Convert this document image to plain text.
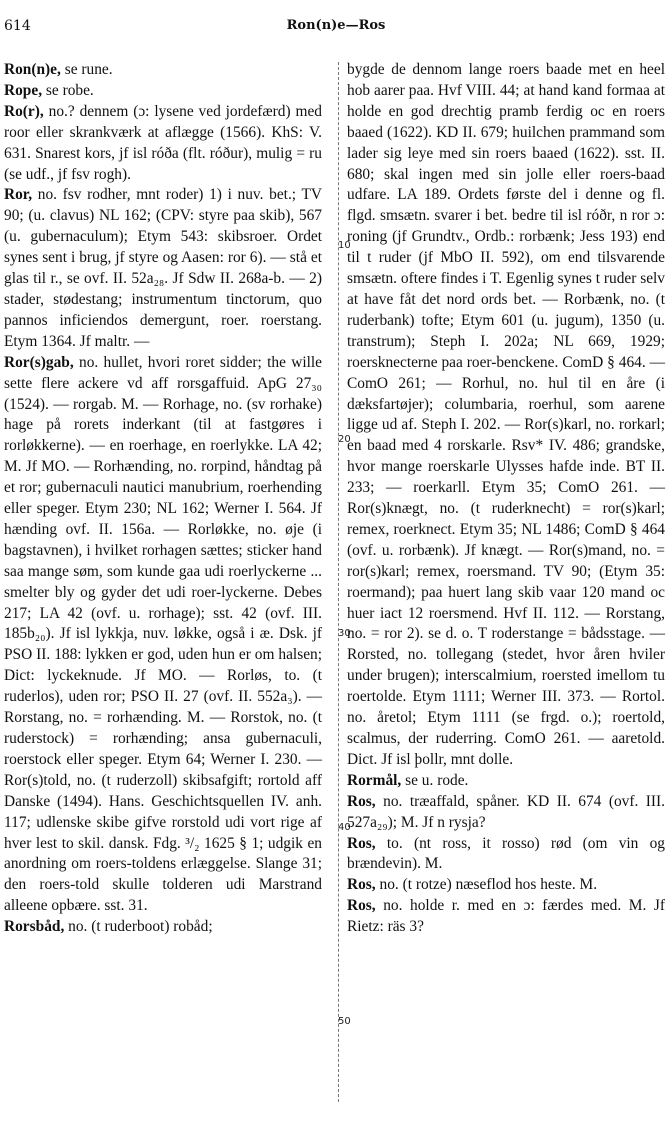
614	Ron(n)e—Ros
10
20
30
40
50

Ron(n)e, se rune.

Rope, se robe.

Ro(r), no.? dennem (ɔ: lysene ved jordefærd) med roor eller skrankværk at aflægge (1566). KhS: V. 631. Snarest kors, jf isl róða (flt. róður), mulig = ru (se udf., jf fsv rogh).

Ror, no. fsv rodher, mnt roder) 1) i nuv. bet.; TV 90; (u. clavus) NL 162; (CPV: styre paa skib), 567 (u. gubernaculum); Etym 543: skibsroer. Ordet synes sent i brug, jf styre og Aasen: ror 6). — stå et glas til r., se ovf. II. 52a₂₈. Jf Sdw II. 268a-b. — 2) stader, stødestang; instrumentum tinctorum, quo pannos inficiendos demergunt, roer. roerstang. Etym 1364. Jf maltr. —

Ror(s)gab, no. hullet, hvori roret sidder; the wille sette flere ackere vd aff rorsgaffuid. ApG 27₃₀ (1524). — rorgab. M. — Rorhage, no. (sv rorhake) hage på rorets inderkant (til at fastgøres i rorløkkerne). — en roerhage, en roerlykke. LA 42; M. Jf MO. — Rorhænding, no. rorpind, håndtag på et ror; gubernaculi nautici manubrium, roerhending eller speger. Etym 230; NL 162; Werner I. 564. Jf hænding ovf. II. 156a. — Rorløkke, no. øje (i bagstavnen), i hvilket rorhagen sættes; sticker hand saa mange søm, som kunde gaa udi roerlyckerne ... smelter bly og gyder det udi roer-lyckerne. Debes 217; LA 42 (ovf. u. rorhage); sst. 42 (ovf. III. 185b₂₀). Jf isl lykkja, nuv. løkke, også i æ. Dsk. jf PSO II. 188: lykken er god, uden hun er om halsen; Dict: lyckeknude. Jf MO. — Rorløs, to. (t ruderlos), uden ror; PSO II. 27 (ovf. II. 552a₃). — Rorstang, no. = rorhænding. M. — Rorstok, no. (t ruderstock) = rorhænding; ansa gubernaculi, roerstock eller speger. Etym 64; Werner I. 230. — Ror(s)told, no. (t ruderzoll) skibsafgift; rortold aff Danske (1494). Hans. Geschichtsquellen IV. anh. 117; udlenske skibe gifve rorstold udi vort rige af hver lest to skil. dansk. Fdg. ³/₂ 1625 § 1; udgik en anordning om roers-toldens erlæggelse. Slange 31; den roers-told skulle tolderen udi Marstrand alleene opbære. sst. 31.

Rorsbåd, no. (t ruderboot) robåd;

bygde de dennom lange roers baade met en heel hob aarer paa. Hvf VIII. 44; at hand kand formaa at holde en god drechtig pramb ferdig oc en roers baaed (1622). KD II. 679; huilchen prammand som lader sig leye med sin roers baaed (1622). sst. II. 680; skal ingen med sin jolle eller roers-baad udfare. LA 189. Ordets første del i denne og fl. flgd. smsætn. svarer i bet. bedre til isl róðr, n ror ɔ: roning (jf Grundtv., Ordb.: rorbænk; Jess 193) end til t ruder (jf MbO II. 592), om end tilsvarende smsætn. oftere findes i T. Egenlig synes t ruder selv at have fåt det nord ords bet. — Rorbænk, no. (t ruderbank) tofte; Etym 601 (u. jugum), 1350 (u. transtrum); Steph I. 202a; NL 669, 1929; roersknecterne paa roer-benckene. ComD § 464. — ComO 261; — Rorhul, no. hul til en åre (i dæksfartøjer); columbaria, roerhul, som aarene ligge ud af. Steph I. 202. — Ror(s)karl, no. rorkarl; en baad med 4 rorskarle. Rsv* IV. 486; grandske, hvor mange roerskarle Ulysses hafde inde. BT II. 233; — roerkarll. Etym 35; ComO 261. — Ror(s)knægt, no. (t ruderknecht) = ror(s)karl; remex, roerknect. Etym 35; NL 1486; ComD § 464 (ovf. u. rorbænk). Jf knægt. — Ror(s)mand, no. = ror(s)karl; remex, roersmand. TV 90; (Etym 35: roermand); paa huert lang skib vaar 120 mand oc huer iact 12 roersmend. Hvf II. 112. — Rorstang, no. = ror 2). se d. o. T roderstange = bådsstage. — Rorsted, no. tollegang (stedet, hvor åren hviler under brugen); interscalmium, roersted imellom tu roertolde. Etym 1111; Werner III. 373. — Rortol. no. åretol; Etym 1111 (se frgd. o.); roertold, scalmus, der ruderring. ComO 261. — aaretold. Dict. Jf isl þollr, mnt dolle.

Rormål, se u. rode.

Ros, no. træaffald, spåner. KD II. 674 (ovf. III. 527a₂₉); M. Jf n rysja?

Ros, to. (nt ross, it rosso) rød (om vin og brændevin). M.

Ros, no. (t rotze) næseflod hos heste. M.

Ros, no. holde r. med en ɔ: færdes med. M. Jf Rietz: räs 3?
